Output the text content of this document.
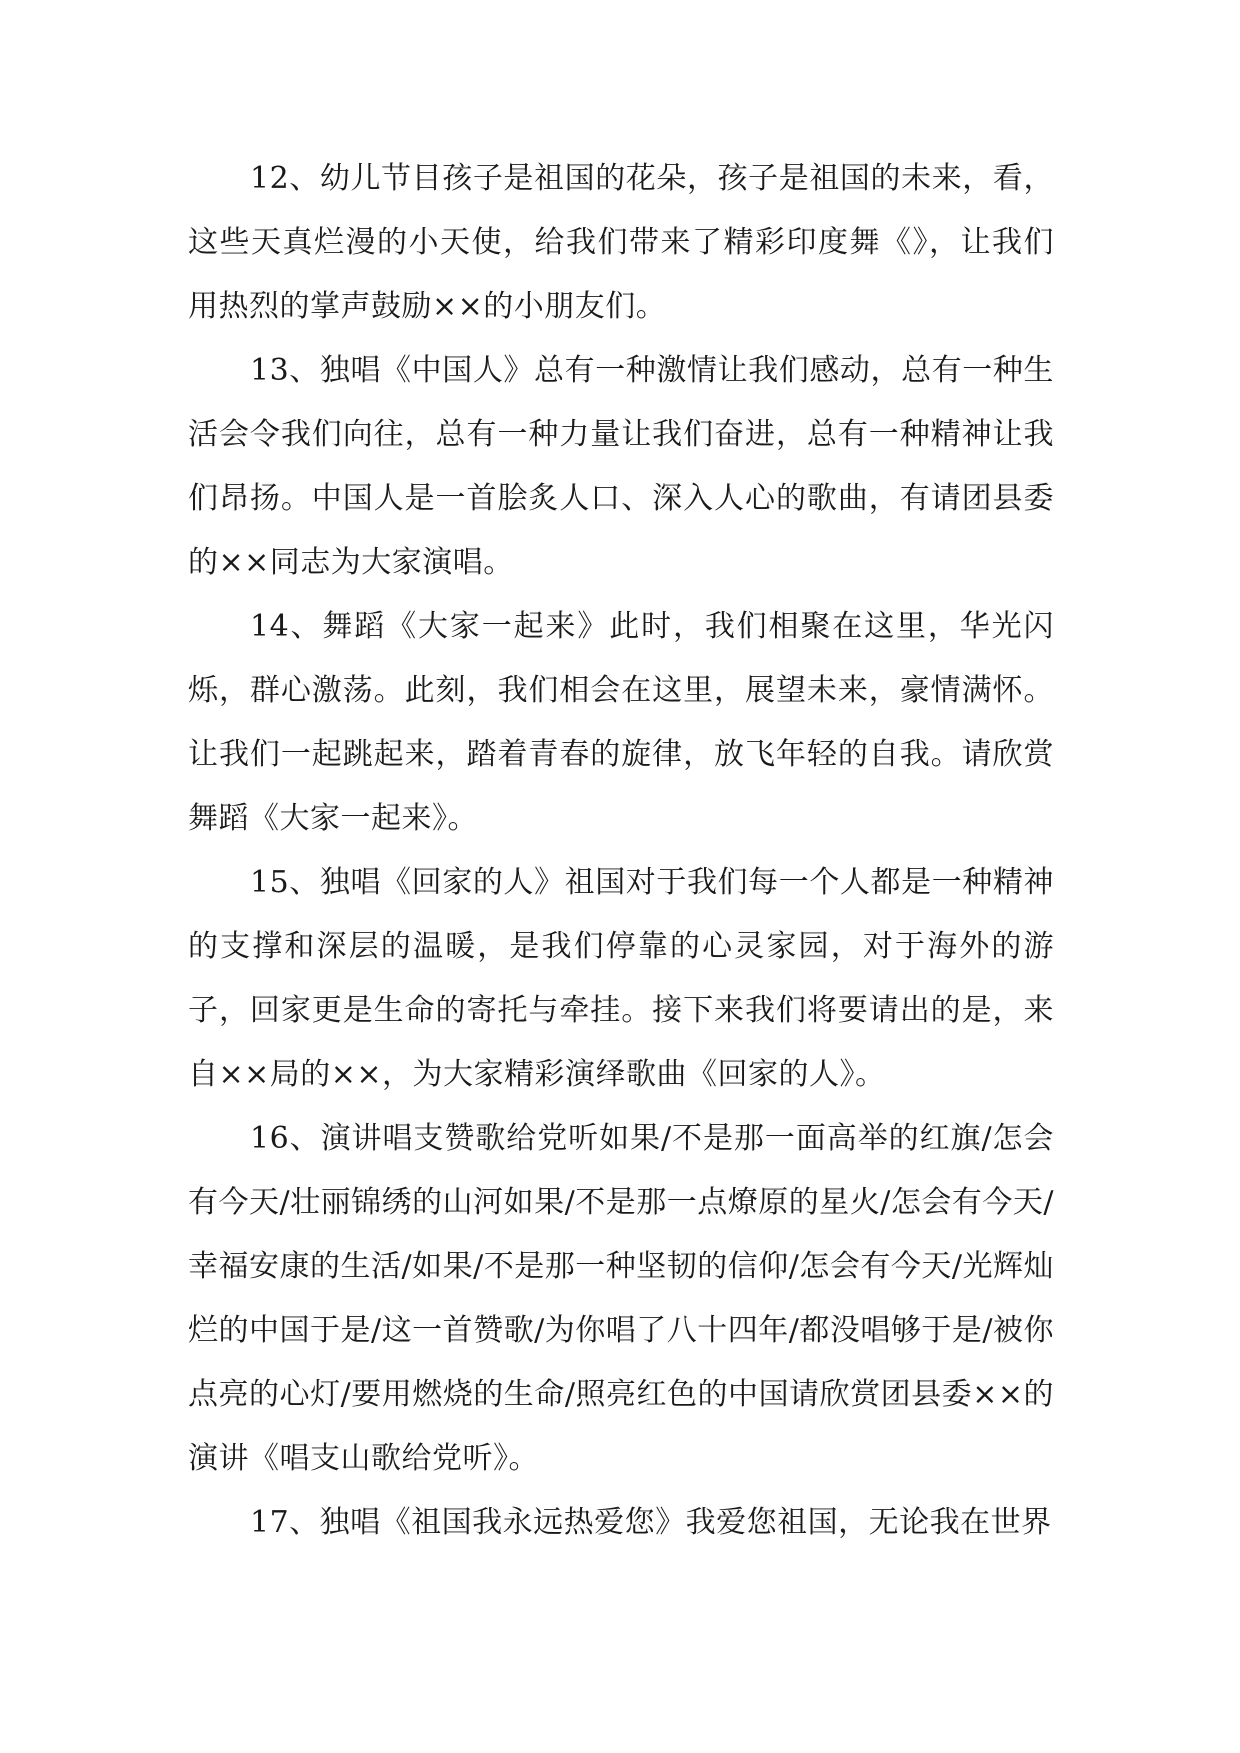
12、幼儿节目孩子是祖国的花朵，孩子是祖国的未来，看，这些天真烂漫的小天使，给我们带来了精彩印度舞《》，让我们用热烈的掌声鼓励××的小朋友们。

13、独唱《中国人》总有一种激情让我们感动，总有一种生活会令我们向往，总有一种力量让我们奋进，总有一种精神让我们昂扬。中国人是一首脍炙人口、深入人心的歌曲，有请团县委的××同志为大家演唱。

14、舞蹈《大家一起来》此时，我们相聚在这里，华光闪烁，群心激荡。此刻，我们相会在这里，展望未来，豪情满怀。让我们一起跳起来，踏着青春的旋律，放飞年轻的自我。请欣赏舞蹈《大家一起来》。

15、独唱《回家的人》祖国对于我们每一个人都是一种精神的支撑和深层的温暖，是我们停靠的心灵家园，对于海外的游子，回家更是生命的寄托与牵挂。接下来我们将要请出的是，来自××局的××，为大家精彩演绎歌曲《回家的人》。

16、演讲唱支赞歌给党听如果/不是那一面高举的红旗/怎会有今天/壮丽锦绣的山河如果/不是那一点燎原的星火/怎会有今天/幸福安康的生活/如果/不是那一种坚韧的信仰/怎会有今天/光辉灿烂的中国于是/这一首赞歌/为你唱了八十四年/都没唱够于是/被你点亮的心灯/要用燃烧的生命/照亮红色的中国请欣赏团县委××的演讲《唱支山歌给党听》。

17、独唱《祖国我永远热爱您》我爱您祖国，无论我在世界
